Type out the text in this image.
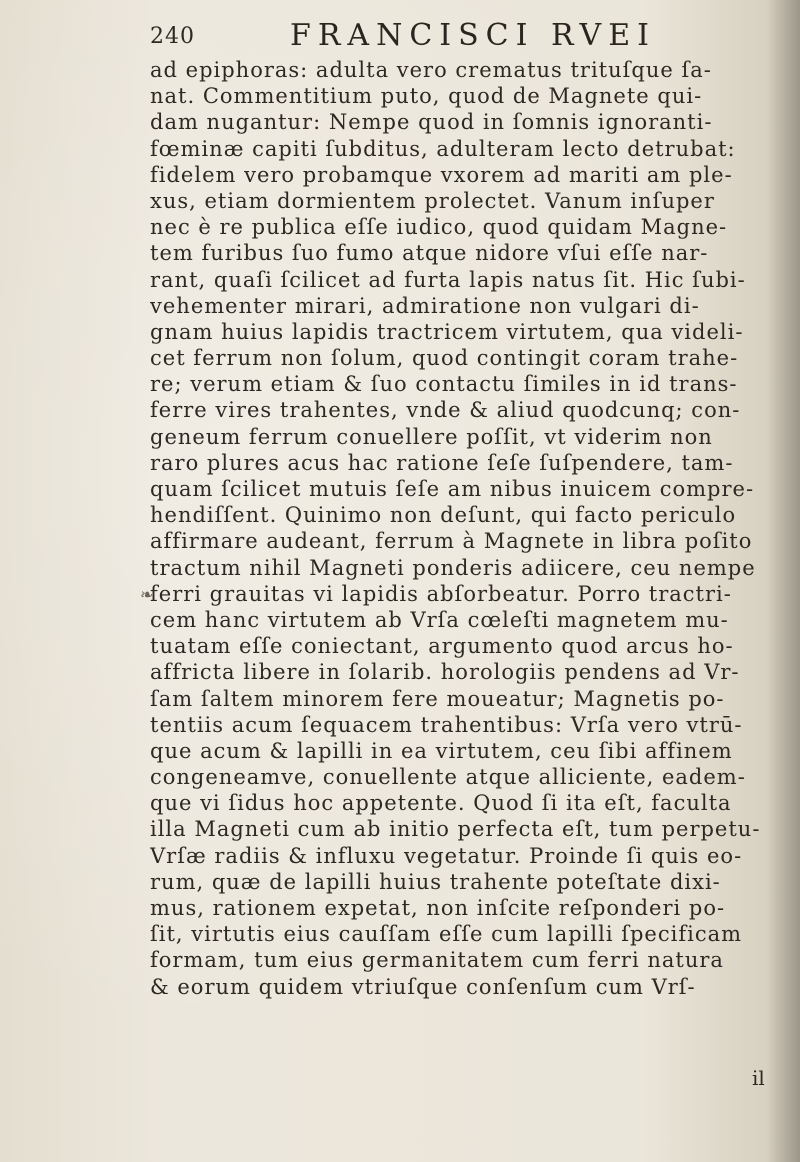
240	FRANCISCI RVEI
❧
ad epiphoras: adulta vero crematus trituſque ſa-
nat. Commentitium puto, quod de Magnete qui-
dam nugantur: Nempe quod in ſomnis ignoranti-
fœminæ capiti ſubditus, adulteram lecto detrubat:
fidelem vero probamque vxorem ad mariti am ple-
xus, etiam dormientem prolectet. Vanum inſuper
nec è re publica eſſe iudico, quod quidam Magne-
tem furibus ſuo fumo atque nidore vſui eſſe nar-
rant, quaſi ſcilicet ad furta lapis natus ſit. Hic ſubi-
vehementer mirari, admiratione non vulgari di-
gnam huius lapidis tractricem virtutem, qua videli-
cet ferrum non ſolum, quod contingit coram trahe-
re; verum etiam & ſuo contactu ſimiles in id trans-
ferre vires trahentes, vnde & aliud quodcunq; con-
geneum ferrum conuellere poſſit, vt viderim non
raro plures acus hac ratione ſeſe ſuſpendere, tam-
quam ſcilicet mutuis ſeſe am nibus inuicem compre-
hendiſſent. Quinimo non deſunt, qui facto periculo
affirmare audeant, ferrum à Magnete in libra poſito
tractum nihil Magneti ponderis adiicere, ceu nempe
ferri grauitas vi lapidis abſorbeatur. Porro tractri-
cem hanc virtutem ab Vrſa cœleſti magnetem mu-
tuatam eſſe coniectant, argumento quod arcus ho-
affricta libere in ſolarib. horologiis pendens ad Vr-
ſam ſaltem minorem fere moueatur; Magnetis po-
tentiis acum ſequacem trahentibus: Vrſa vero vtrū-
que acum & lapilli in ea virtutem, ceu ſibi affinem
congeneamve, conuellente atque alliciente, eadem-
que vi ſidus hoc appetente. Quod ſi ita eſt, faculta
illa Magneti cum ab initio perfecta eſt, tum perpetu-
Vrſæ radiis & influxu vegetatur. Proinde ſi quis eo-
rum, quæ de lapilli huius trahente poteſtate dixi-
mus, rationem expetat, non inſcite reſponderi po-
ſit, virtutis eius cauſſam eſſe cum lapilli ſpecificam
formam, tum eius germanitatem cum ferri natura
& eorum quidem vtriuſque conſenſum cum Vrſ-
il
